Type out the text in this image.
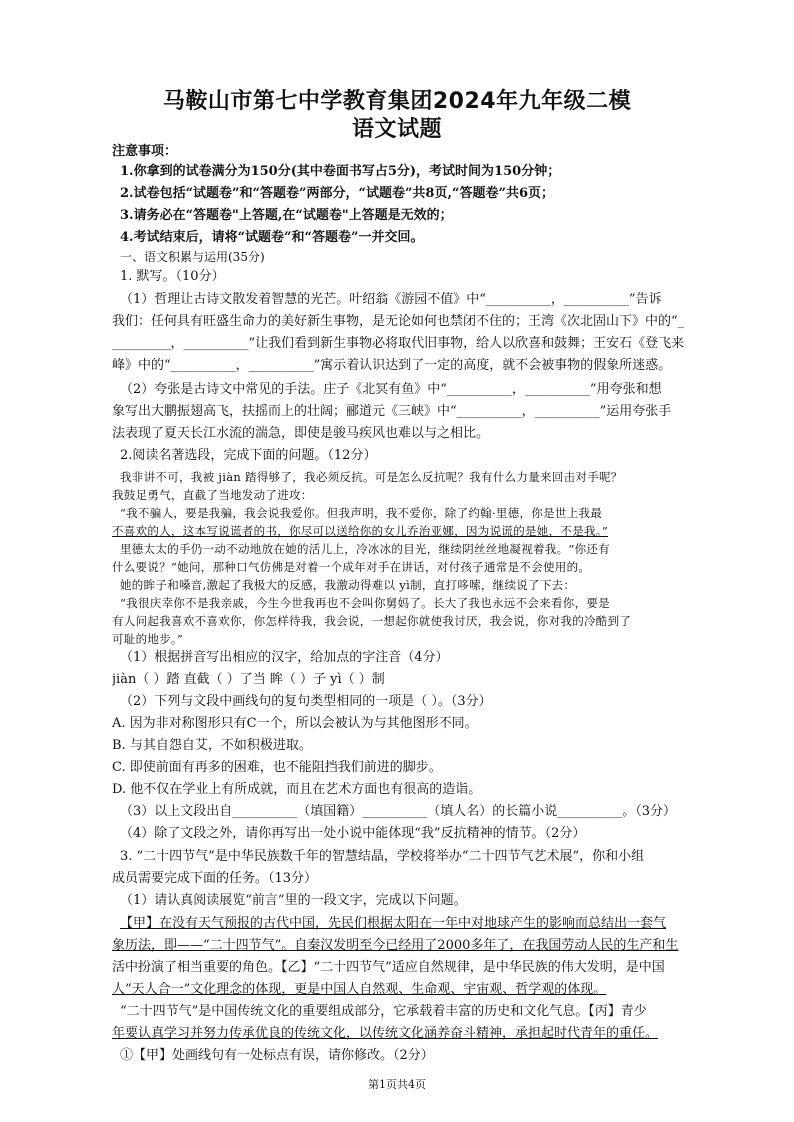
马鞍山市第七中学教育集团2024年九年级二模
语文试题
注意事项：
1.你拿到的试卷满分为150分(其中卷面书写占5分)，考试时间为150分钟；
2.试卷包括“试题卷”和“答题卷”两部分，“试题卷”共8页,“答题卷”共6页；
3.请务必在“答题卷"上答题,在“试题卷"上答题是无效的；
4.考试结束后，请将“试题卷”和“答题卷”一并交回。
一、语文积累与运用(35分)
1. 默写。（10分）
（1）哲理让古诗文散发着智慧的光芒。叶绍翁《游园不值》中“__________，__________”告诉
我们：任何具有旺盛生命力的美好新生事物，是无论如何也禁闭不住的；王湾《次北固山下》中的“_
_________，__________”让我们看到新生事物必将取代旧事物，给人以欣喜和鼓舞；王安石《登飞来
峰》中的“__________，__________”寓示着认识达到了一定的高度，就不会被事物的假象所迷惑。
（2）夸张是古诗文中常见的手法。庄子《北冥有鱼》中“__________，__________”用夸张和想
象写出大鹏振翅高飞，扶摇而上的壮阔；郦道元《三峡》中“__________，__________”运用夸张手
法表现了夏天长江水流的湍急，即使是骏马疾风也难以与之相比。
2.阅读名著选段，完成下面的问题。（12分）
我非讲不可，我被 jiàn 踏得够了，我必须反抗。可是怎么反抗呢？我有什么力量来回击对手呢？
我鼓足勇气，直截了当地发动了进攻：
“我不骗人，要是我骗，我会说我爱你。但我声明，我不爱你，除了约翰·里德，你是世上我最
不喜欢的人，这本写说谎者的书，你尽可以送给你的女儿乔治亚娜，因为说谎的是她，不是我。”
里德太太的手仍一动不动地放在她的活儿上，冷冰冰的目光，继续阴丝丝地凝视着我。“你还有
什么要说？”她问，那种口气仿佛是对着一个成年对手在讲话，对付孩子通常是不会使用的。
她的眸子和嗓音,激起了我极大的反感，我激动得难以 yì制，直打哆嗦，继续说了下去：
“我很庆幸你不是我亲戚，今生今世我再也不会叫你舅妈了。长大了我也永远不会来看你，要是
有人问起我喜欢不喜欢你，你怎样待我，我会说，一想起你就使我讨厌，我会说，你对我的冷酷到了
可耻的地步。”
（1）根据拼音写出相应的汉字，给加点的字注音（4分）
jiàn（ ）踏 直截（ ）了当 眸（ ）子 yì（ ）制
（2）下列与文段中画线句的复句类型相同的一项是（ ）。（3分）
A. 因为非对称图形只有C一个，所以会被认为与其他图形不同。
B. 与其自怨自艾，不如积极进取。
C. 即使前面有再多的困难，也不能阻挡我们前进的脚步。
D. 他不仅在学业上有所成就，而且在艺术方面也有很高的造诣。
（3）以上文段出自__________（填国籍）__________（填人名）的长篇小说__________。（3分）
（4）除了文段之外，请你再写出一处小说中能体现“我”反抗精神的情节。（2分）
3. “二十四节气”是中华民族数千年的智慧结晶，学校将举办“二十四节气艺术展”，你和小组
成员需要完成下面的任务。（13分）
（1）请认真阅读展览“前言”里的一段文字，完成以下问题。
【甲】在没有天气预报的古代中国，先民们根据太阳在一年中对地球产生的影响而总结出一套气
象历法，即——“二十四节气”。自秦汉发明至今已经用了2000多年了，在我国劳动人民的生产和生
活中扮演了相当重要的角色。【乙】“二十四节气”适应自然规律，是中华民族的伟大发明，是中国
人“天人合一”文化理念的体现，更是中国人自然观、生命观、宇宙观、哲学观的体现。
“二十四节气”是中国传统文化的重要组成部分，它承载着丰富的历史和文化气息。【丙】青少
年要认真学习并努力传承优良的传统文化，以传统文化涵养奋斗精神，承担起时代青年的重任。
①【甲】处画线句有一处标点有误，请你修改。（2分）
第1页共4页
